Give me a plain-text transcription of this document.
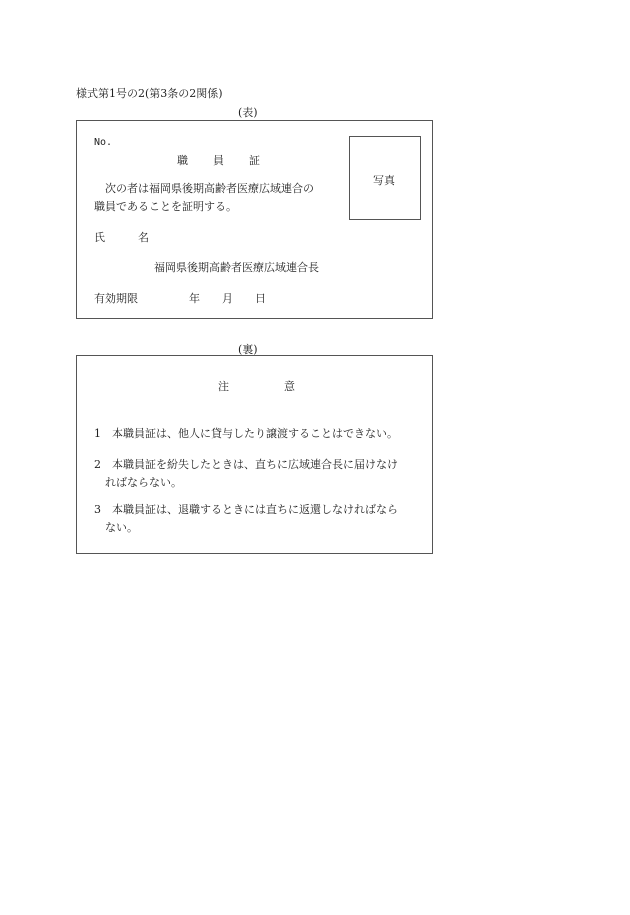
様式第1号の2(第3条の2関係)
(表)
No.
職　　員　　証
　次の者は福岡県後期高齢者医療広域連合の
職員であることを証明する。
氏　　　名
福岡県後期高齢者医療広域連合長
有効期限	年　　月　　日
写真
(裏)
注　　　　　意
1　本職員証は、他人に貸与したり譲渡することはできない。
2　本職員証を紛失したときは、直ちに広域連合長に届けなけ
　ればならない。
3　本職員証は、退職するときには直ちに返還しなければなら
　ない。
